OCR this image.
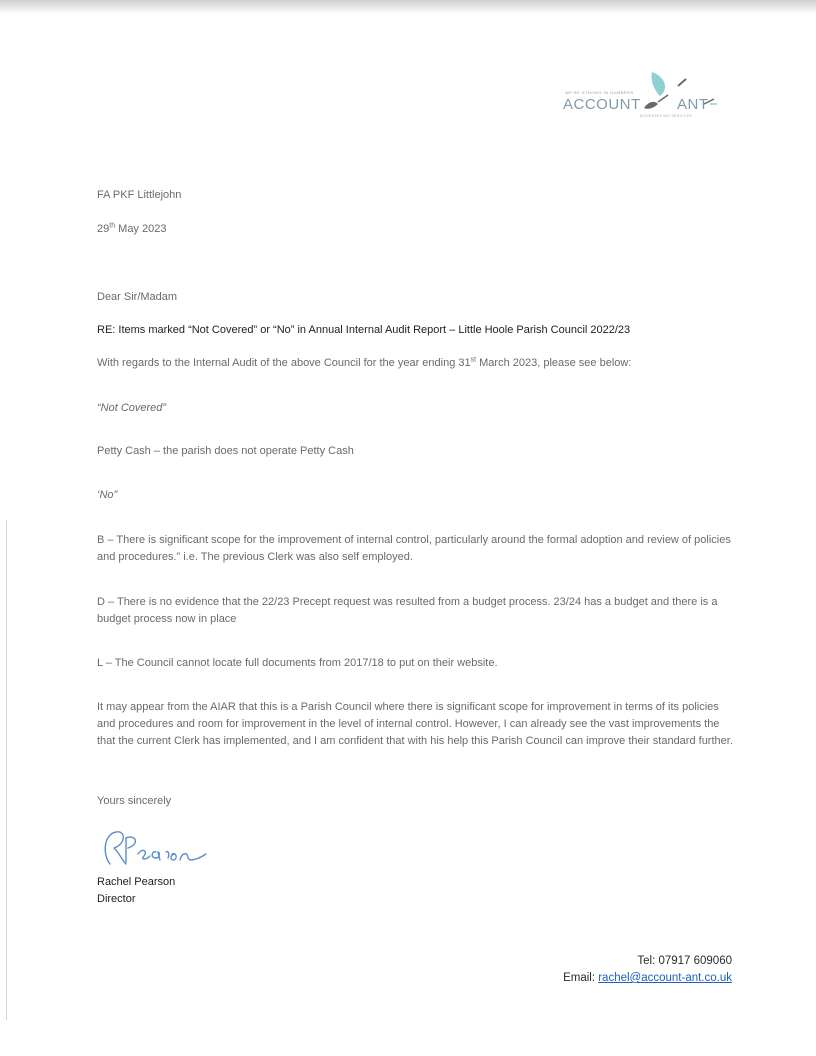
WE'RE STRONG IN NUMBERS
ACCOUNT ANT
BOOKKEEPING SERVICES
FA PKF Littlejohn
29th May 2023
Dear Sir/Madam
RE: Items marked “Not Covered” or “No” in Annual Internal Audit Report – Little Hoole Parish Council 2022/23
With regards to the Internal Audit of the above Council for the year ending 31st March 2023, please see below:
“Not Covered”
Petty Cash – the parish does not operate Petty Cash
‘No”
B – There is significant scope for the improvement of internal control, particularly around the formal adoption and review of policies and procedures.” i.e. The previous Clerk was also self employed.
D – There is no evidence that the 22/23 Precept request was resulted from a budget process. 23/24 has a budget and there is a budget process now in place
L – The Council cannot locate full documents from 2017/18 to put on their website.
It may appear from the AIAR that this is a Parish Council where there is significant scope for improvement in terms of its policies and procedures and room for improvement in the level of internal control. However, I can already see the vast improvements the that the current Clerk has implemented, and I am confident that with his help this Parish Council can improve their standard further.
Yours sincerely
Rachel Pearson
Director
Tel: 07917 609060
Email: rachel@account-ant.co.uk
